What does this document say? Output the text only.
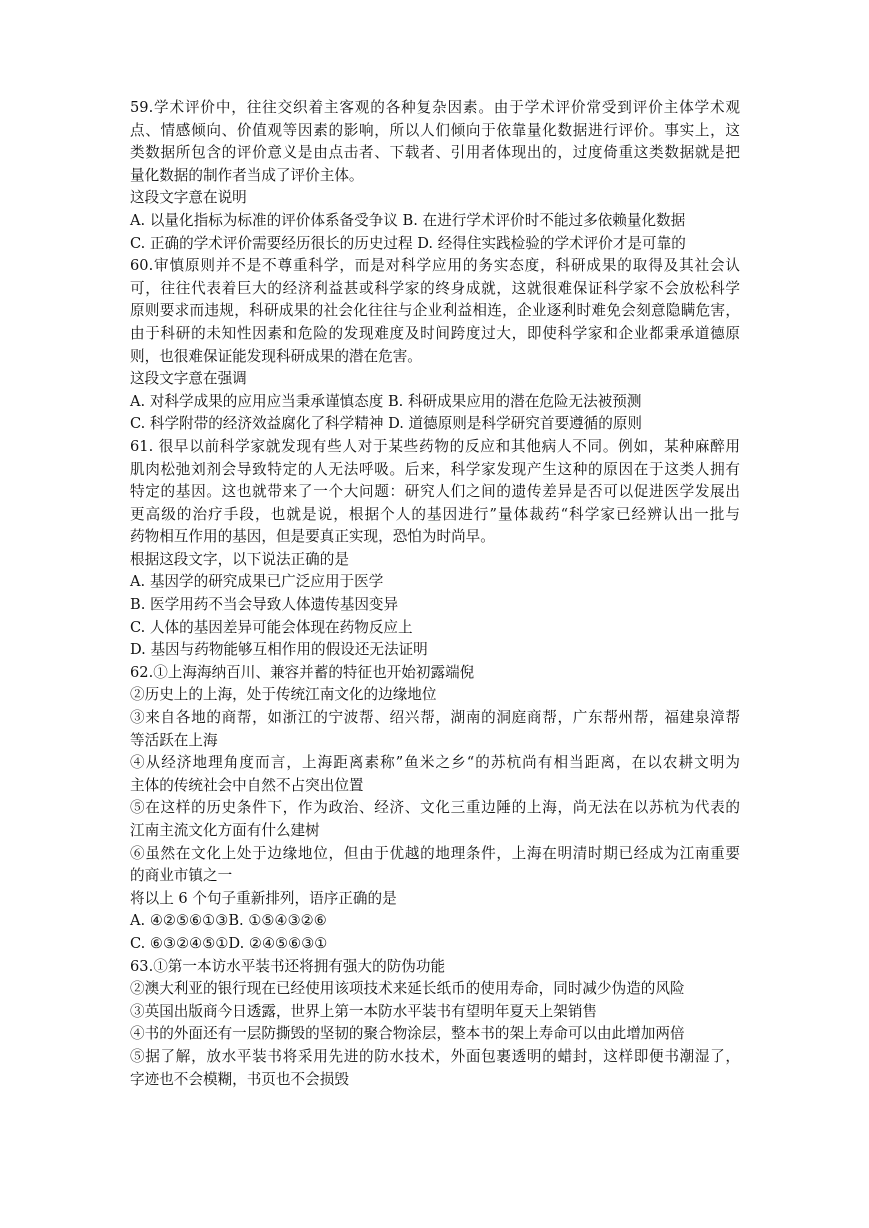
59.学术评价中，往往交织着主客观的各种复杂因素。由于学术评价常受到评价主体学术观
点、情感倾向、价值观等因素的影响，所以人们倾向于依靠量化数据进行评价。事实上，这
类数据所包含的评价意义是由点击者、下载者、引用者体现出的，过度倚重这类数据就是把
量化数据的制作者当成了评价主体。
这段文字意在说明
A. 以量化指标为标准的评价体系备受争议 B. 在进行学术评价时不能过多依赖量化数据
C. 正确的学术评价需要经历很长的历史过程 D. 经得住实践检验的学术评价才是可靠的
60.审慎原则并不是不尊重科学，而是对科学应用的务实态度，科研成果的取得及其社会认
可，往往代表着巨大的经济利益甚或科学家的终身成就，这就很难保证科学家不会放松科学
原则要求而违规，科研成果的社会化往往与企业利益相连，企业逐利时难免会刻意隐瞒危害，
由于科研的未知性因素和危险的发现难度及时间跨度过大，即使科学家和企业都秉承道德原
则，也很难保证能发现科研成果的潜在危害。
这段文字意在强调
A. 对科学成果的应用应当秉承谨慎态度 B. 科研成果应用的潜在危险无法被预测
C. 科学附带的经济效益腐化了科学精神 D. 道德原则是科学研究首要遵循的原则
61. 很早以前科学家就发现有些人对于某些药物的反应和其他病人不同。例如，某种麻醉用
肌肉松弛刘剂会导致特定的人无法呼吸。后来，科学家发现产生这种的原因在于这类人拥有
特定的基因。这也就带来了一个大问题：研究人们之间的遗传差异是否可以促进医学发展出
更高级的治疗手段，也就是说，根据个人的基因进行”量体裁药“科学家已经辨认出一批与
药物相互作用的基因，但是要真正实现，恐怕为时尚早。
根据这段文字，以下说法正确的是
A. 基因学的研究成果已广泛应用于医学
B. 医学用药不当会导致人体遗传基因变异
C. 人体的基因差异可能会体现在药物反应上
D. 基因与药物能够互相作用的假设还无法证明
62.①上海海纳百川、兼容并蓄的特征也开始初露端倪
②历史上的上海，处于传统江南文化的边缘地位
③来自各地的商帮，如浙江的宁波帮、绍兴帮，湖南的洞庭商帮，广东帮州帮，福建泉漳帮
等活跃在上海
④从经济地理角度而言，上海距离素称”鱼米之乡“的苏杭尚有相当距离，在以农耕文明为
主体的传统社会中自然不占突出位置
⑤在这样的历史条件下，作为政治、经济、文化三重边陲的上海，尚无法在以苏杭为代表的
江南主流文化方面有什么建树
⑥虽然在文化上处于边缘地位，但由于优越的地理条件，上海在明清时期已经成为江南重要
的商业市镇之一
将以上 6 个句子重新排列，语序正确的是
A. ④②⑤⑥①③B. ①⑤④③②⑥
C. ⑥③②④⑤①D. ②④⑤⑥③①
63.①第一本访水平装书还将拥有强大的防伪功能
②澳大利亚的银行现在已经使用该项技术来延长纸币的使用寿命，同时减少伪造的风险
③英国出版商今日透露，世界上第一本防水平装书有望明年夏天上架销售
④书的外面还有一层防撕毁的坚韧的聚合物涂层，整本书的架上寿命可以由此增加两倍
⑤据了解，放水平装书将采用先进的防水技术，外面包裹透明的蜡封，这样即便书潮湿了，
字迹也不会模糊，书页也不会损毁
